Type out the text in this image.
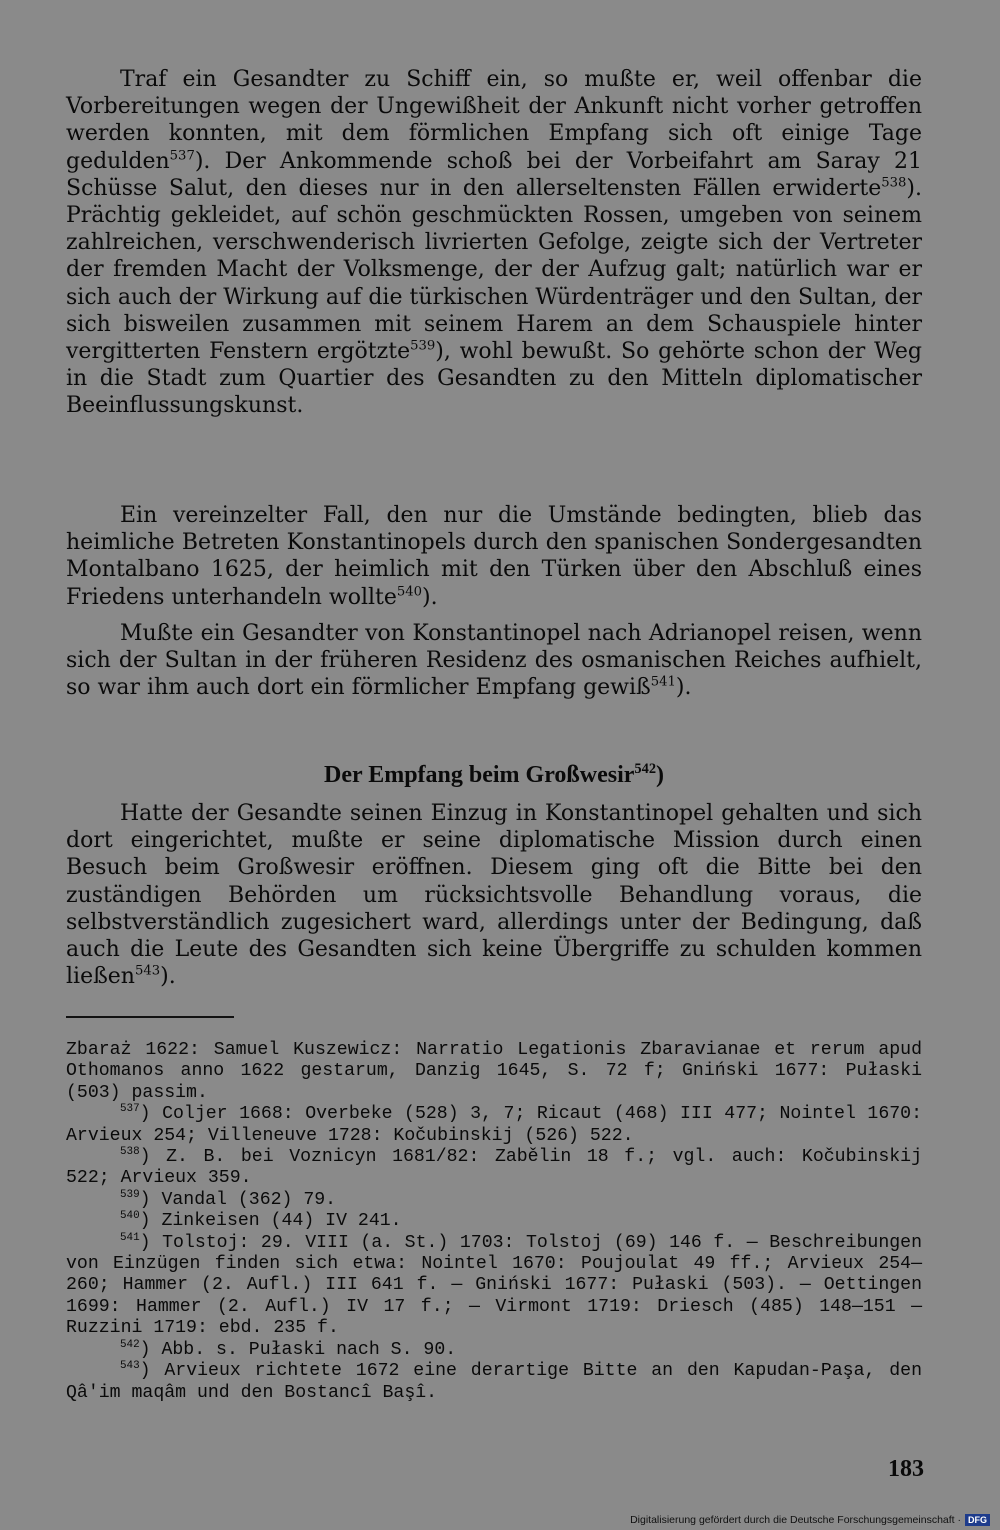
Traf ein Gesandter zu Schiff ein, so mußte er, weil offenbar die Vorbereitungen wegen der Ungewißheit der Ankunft nicht vorher getroffen werden konnten, mit dem förmlichen Empfang sich oft einige Tage gedulden$^{537}$). Der Ankommende schoß bei der Vorbeifahrt am Saray 21 Schüsse Salut, den dieses nur in den allerseltensten Fällen erwiderte$^{538}$). Prächtig gekleidet, auf schön geschmückten Rossen, umgeben von seinem zahlreichen, verschwenderisch livrierten Gefolge, zeigte sich der Vertreter der fremden Macht der Volksmenge, der der Aufzug galt; natürlich war er sich auch der Wirkung auf die türkischen Würdenträger und den Sultan, der sich bisweilen zusammen mit seinem Harem an dem Schauspiele hinter vergitterten Fenstern ergötzte$^{539}$), wohl bewußt. So gehörte schon der Weg in die Stadt zum Quartier des Gesandten zu den Mitteln diplomatischer Beeinflussungskunst.

Ein vereinzelter Fall, den nur die Umstände bedingten, blieb das heimliche Betreten Konstantinopels durch den spanischen Sondergesandten Montalbano 1625, der heimlich mit den Türken über den Abschluß eines Friedens unterhandeln wollte$^{540}$).

Mußte ein Gesandter von Konstantinopel nach Adrianopel reisen, wenn sich der Sultan in der früheren Residenz des osmanischen Reiches aufhielt, so war ihm auch dort ein förmlicher Empfang gewiß$^{541}$).

Der Empfang beim Großwesir$^{542}$)

Hatte der Gesandte seinen Einzug in Konstantinopel gehalten und sich dort eingerichtet, mußte er seine diplomatische Mission durch einen Besuch beim Großwesir eröffnen. Diesem ging oft die Bitte bei den zuständigen Behörden um rücksichtsvolle Behandlung voraus, die selbstverständlich zugesichert ward, allerdings unter der Bedingung, daß auch die Leute des Gesandten sich keine Übergriffe zu schulden kommen ließen$^{543}$).

Zbaraż 1622: Samuel Kuszewicz: Narratio Legationis Zbaravianae et rerum apud Othomanos anno 1622 gestarum, Danzig 1645, S. 72 f; Gniński 1677: Pułaski (503) passim.

$^{537}$) Coljer 1668: Overbeke (528) 3, 7; Ricaut (468) III 477; Nointel 1670: Arvieux 254; Villeneuve 1728: Kočubinskij (526) 522.

$^{538}$) Z. B. bei Voznicyn 1681/82: Zabělin 18 f.; vgl. auch: Kočubinskij 522; Arvieux 359.

$^{539}$) Vandal (362) 79.

$^{540}$) Zinkeisen (44) IV 241.

$^{541}$) Tolstoj: 29. VIII (a. St.) 1703: Tolstoj (69) 146 f. — Beschreibungen von Einzügen finden sich etwa: Nointel 1670: Poujoulat 49 ff.; Arvieux 254—260; Hammer (2. Aufl.) III 641 f. — Gniński 1677: Pułaski (503). — Oettingen 1699: Hammer (2. Aufl.) IV 17 f.; — Virmont 1719: Driesch (485) 148—151 — Ruzzini 1719: ebd. 235 f.

$^{542}$) Abb. s. Pułaski nach S. 90.

$^{543}$) Arvieux richtete 1672 eine derartige Bitte an den Kapudan-Paşa, den Qâ'im maqâm und den Bostancî Başî.

183
Digitalisierung gefördert durch die Deutsche Forschungsgemeinschaft · DFG
